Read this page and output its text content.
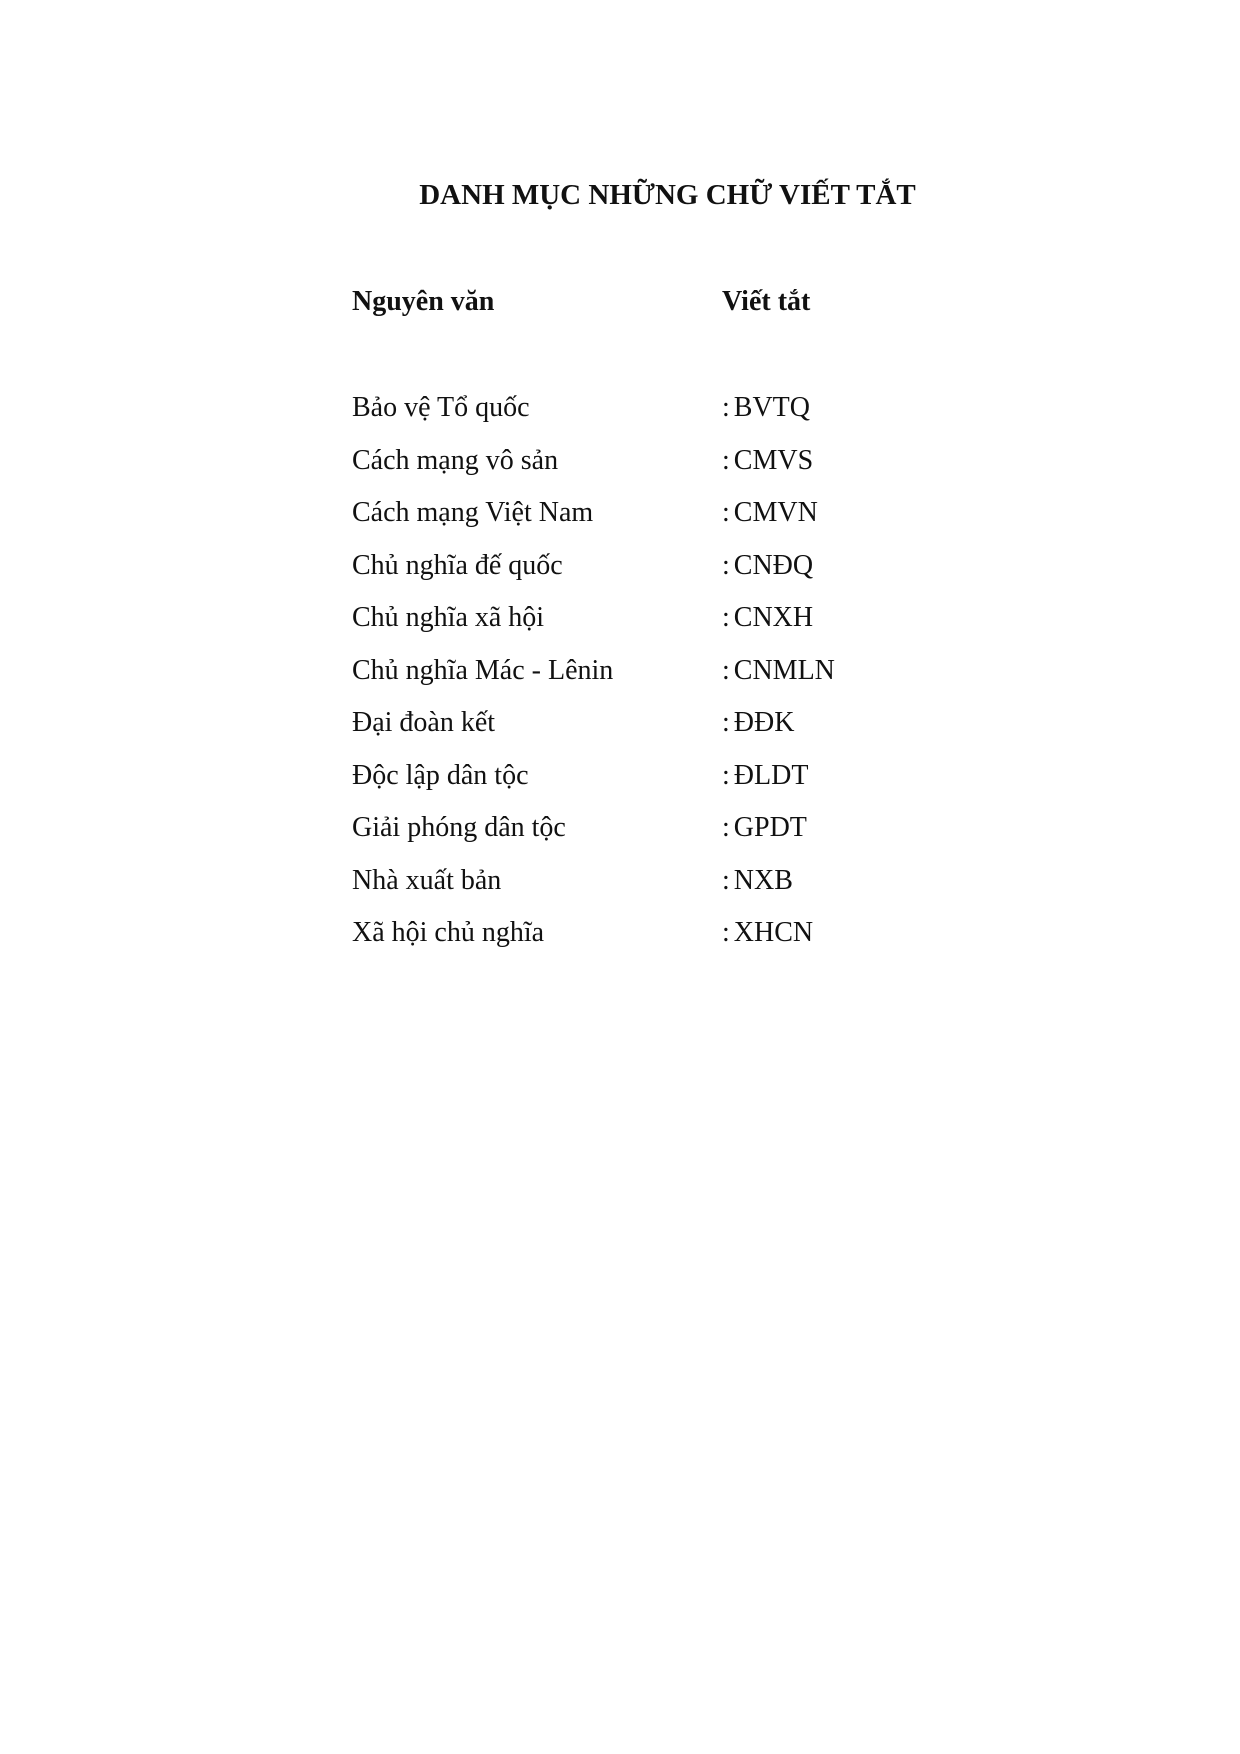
DANH MỤC NHỮNG CHỮ VIẾT TẮT
Nguyên văn	Viết tắt
Bảo vệ Tổ quốc	: BVTQ
Cách mạng vô sản	: CMVS
Cách mạng Việt Nam	: CMVN
Chủ nghĩa đế quốc	: CNĐQ
Chủ nghĩa xã hội	: CNXH
Chủ nghĩa Mác - Lênin	: CNMLN
Đại đoàn kết	: ĐĐK
Độc lập dân tộc	: ĐLDT
Giải phóng dân tộc	: GPDT
Nhà xuất bản	: NXB
Xã hội chủ nghĩa	: XHCN
